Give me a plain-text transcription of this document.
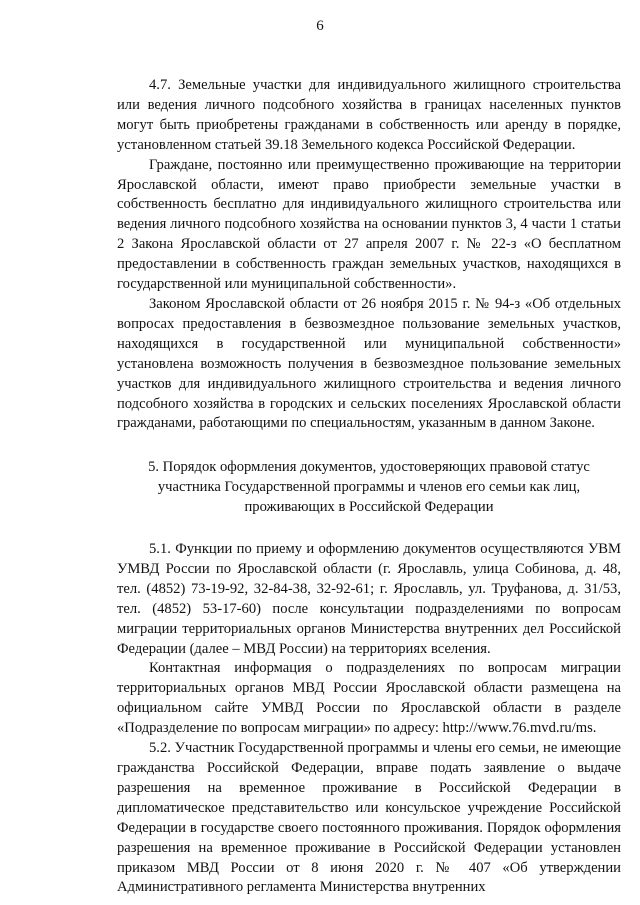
6

4.7. Земельные участки для индивидуального жилищного строительства или ведения личного подсобного хозяйства в границах населенных пунктов могут быть приобретены гражданами в собственность или аренду в порядке, установленном статьей 39.18 Земельного кодекса Российской Федерации.

Граждане, постоянно или преимущественно проживающие на территории Ярославской области, имеют право приобрести земельные участки в собственность бесплатно для индивидуального жилищного строительства или ведения личного подсобного хозяйства на основании пунктов 3, 4 части 1 статьи 2 Закона Ярославской области от 27 апреля 2007 г. № 22-з «О бесплатном предоставлении в собственность граждан земельных участков, находящихся в государственной или муниципальной собственности».

Законом Ярославской области от 26 ноября 2015 г. № 94-з «Об отдельных вопросах предоставления в безвозмездное пользование земельных участков, находящихся в государственной или муниципальной собственности» установлена возможность получения в безвозмездное пользование земельных участков для индивидуального жилищного строительства и ведения личного подсобного хозяйства в городских и сельских поселениях Ярославской области гражданами, работающими по специальностям, указанным в данном Законе.

5. Порядок оформления документов, удостоверяющих правовой статус
участника Государственной программы и членов его семьи как лиц,
проживающих в Российской Федерации

5.1. Функции по приему и оформлению документов осуществляются УВМ УМВД России по Ярославской области (г. Ярославль, улица Собинова, д. 48, тел. (4852) 73-19-92, 32-84-38, 32-92-61; г. Ярославль, ул. Труфанова, д. 31/53, тел. (4852) 53-17-60) после консультации подразделениями по вопросам миграции территориальных органов Министерства внутренних дел Российской Федерации (далее – МВД России) на территориях вселения.

Контактная информация о подразделениях по вопросам миграции территориальных органов МВД России Ярославской области размещена на официальном сайте УМВД России по Ярославской области в разделе «Подразделение по вопросам миграции» по адресу: http://www.76.mvd.ru/ms.

5.2. Участник Государственной программы и члены его семьи, не имеющие гражданства Российской Федерации, вправе подать заявление о выдаче разрешения на временное проживание в Российской Федерации в дипломатическое представительство или консульское учреждение Российской Федерации в государстве своего постоянного проживания. Порядок оформления разрешения на временное проживание в Российской Федерации установлен приказом МВД России от 8 июня 2020 г. № 407 «Об утверждении Административного регламента Министерства внутренних
